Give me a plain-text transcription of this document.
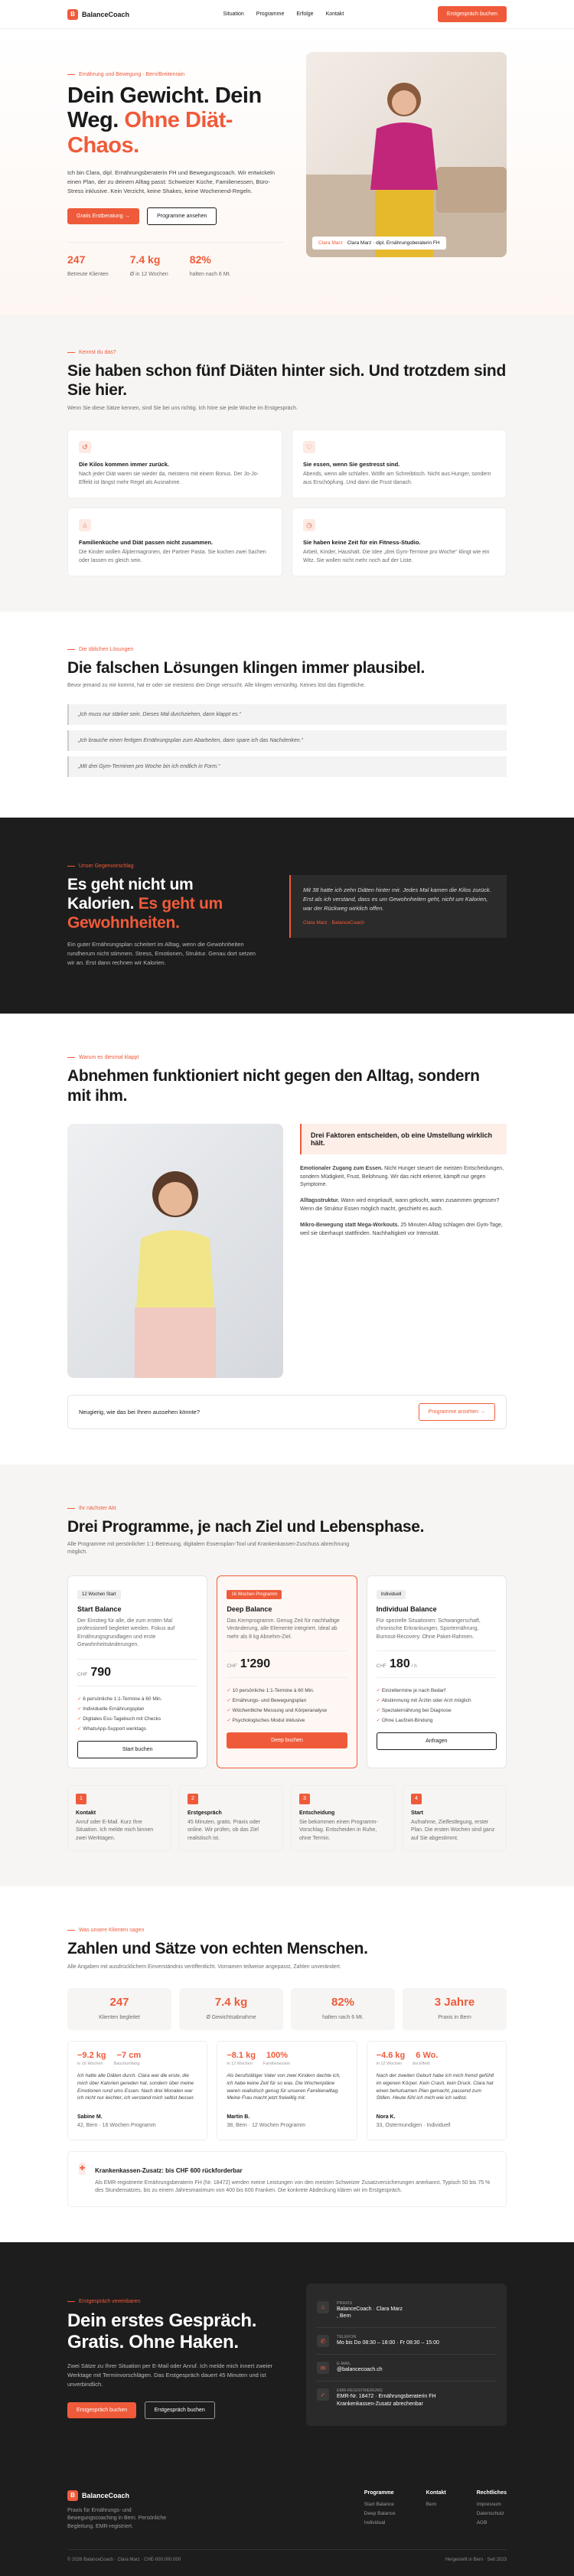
B	BalanceCoach	Situation Programme Erfolge Kontakt	Erstgespräch buchen
Ernährung und Bewegung · Bern/Breitenrain
Dein Gewicht. Dein Weg. Ohne Diät-Chaos.

Ich bin Clara, dipl. Ernährungsberaterin FH und Bewegungscoach. Wir entwickeln einen Plan, der zu deinem Alltag passt: Schweizer Küche, Familienessen, Büro-Stress inklusive. Kein Verzicht, keine Shakes, keine Wochenend-Regeln.

Gratis Erstberatung →	Programme ansehen
247
Betreute Klienten
7.4 kg
Ø in 12 Wochen
82%
halten nach 6 Mt.
Clara Marz · Clara Marz · dipl. Ernährungsberaterin FH
Kennst du das?
Sie haben schon fünf Diäten hinter sich. Und trotzdem sind Sie hier.

Wenn Sie diese Sätze kennen, sind Sie bei uns richtig. Ich höre sie jede Woche im Erstgespräch.

↺
Die Kilos kommen immer zurück.

Nach jeder Diät waren sie wieder da, meistens mit einem Bonus. Der Jo-Jo-Effekt ist längst mehr Regel als Ausnahme.

♡
Sie essen, wenn Sie gestresst sind.

Abends, wenn alle schlafen. Wölfe am Schreibtisch. Nicht aus Hunger, sondern aus Erschöpfung. Und dann die Frust danach.

⌂
Familienküche und Diät passen nicht zusammen.

Die Kinder wollen Älplermagronen, der Partner Pasta. Sie kochen zwei Sachen oder lassen es gleich sein.

◷
Sie haben keine Zeit für ein Fitness-Studio.

Arbeit, Kinder, Haushalt. Die Idee „drei Gym-Termine pro Woche“ klingt wie ein Witz. Sie wollen nicht mehr noch auf der Liste.

Die üblichen Lösungen
Die falschen Lösungen klingen immer plausibel.

Bevor jemand zu mir kommt, hat er oder sie meistens drei Dinge versucht. Alle klingen vernünftig. Keines löst das Eigentliche.

„Ich muss nur stärker sein. Dieses Mal durchziehen, dann klappt es.“
„Ich brauche einen fertigen Ernährungsplan zum Abarbeiten, dann spare ich das Nachdenken.“
„Mit drei Gym-Terminen pro Woche bin ich endlich in Form.“
Unser Gegenvorschlag
Es geht nicht um Kalorien. Es geht um Gewohnheiten.

Ein guter Ernährungsplan scheitert im Alltag, wenn die Gewohnheiten rundherum nicht stimmen. Stress, Emotionen, Struktur. Genau dort setzen wir an. Erst dann rechnen wir Kalorien.

Mit 38 hatte ich zehn Diäten hinter mir. Jedes Mal kamen die Kilos zurück. Erst als ich verstand, dass es um Gewohnheiten geht, nicht um Kalorien, war der Rückweg wirklich offen.
Clara Marz · BalanceCoach
Warum es diesmal klappt
Abnehmen funktioniert nicht gegen den Alltag, sondern mit ihm.
Drei Faktoren entscheiden, ob eine Umstellung wirklich hält.

Emotionaler Zugang zum Essen. Nicht Hunger steuert die meisten Entscheidungen, sondern Müdigkeit, Frust, Belohnung. Wir das nicht erkennt, kämpft nur gegen Symptome.

Alltagsstruktur. Wann wird eingekauft, wann gekocht, wann zusammen gegessen? Wenn die Struktur Essen möglich macht, geschieht es auch.

Mikro-Bewegung statt Mega-Workouts. 25 Minuten Alltag schlagen drei Gym-Tage, weil sie überhaupt stattfinden. Nachhaltigkeit vor Intensität.

Neugierig, wie das bei Ihnen aussehen könnte?	Programme ansehen →
Ihr nächster Akt
Drei Programme, je nach Ziel und Lebensphase.

Alle Programme mit persönlicher 1:1-Betreuung, digitalem Essensplan-Tool und Krankenkassen-Zuschuss abrechnung möglich.

12 Wochen Start
Start Balance

Der Einstieg für alle, die zum ersten Mal professionell begleitet werden. Fokus auf Ernährungsgrundlagen und erste Gewohnheitsänderungen.

CHF 790
✓ 6 persönliche 1:1-Termine à 60 Min.
✓ Individuelle Ernährungsplan
✓ Digitales Ess-Tagebuch mit Checks
✓ WhatsApp-Support werktags
Start buchen
16 Wochen Programm
Deep Balance

Das Kernprogramm. Genug Zeit für nachhaltige Veränderung, alle Elemente integriert. Ideal ab mehr als 8 kg Abnehm-Ziel.

CHF 1'290
✓ 10 persönliche 1:1-Termine à 60 Min.
✓ Ernährungs- und Bewegungsplan
✓ Wöchentliche Messung und Körperanalyse
✓ Psychologisches Modul inklusive
Deep buchen
Individuell
Individual Balance

Für spezielle Situationen: Schwangerschaft, chronische Erkrankungen, Sporternährung, Burnout-Recovery. Ohne Paket-Rahmen.

CHF 180 / h
✓ Einzeltermine je nach Bedarf
✓ Abstimmung mit Ärztin oder Arzt möglich
✓ Spezialernährung bei Diagnose
✓ Ohne Laufzeit-Bindung
Anfragen
1
Kontakt

Anruf oder E-Mail. Kurz Ihre Situation. Ich melde mich binnen zwei Werktagen.

2
Erstgespräch

45 Minuten, gratis. Praxis oder online. Wir prüfen, ob das Ziel realistisch ist.

3
Entscheidung

Sie bekommen einen Programm-Vorschlag. Entscheiden in Ruhe, ohne Termin.

4
Start

Aufnahme, Zielfestlegung, erster Plan. Die ersten Wochen sind ganz auf Sie abgestimmt.

Was unsere Klienten sagen
Zahlen und Sätze von echten Menschen.

Alle Angaben mit ausdrücklichem Einverständnis veröffentlicht. Vornamen teilweise angepasst, Zahlen unverändert.

247
Klienten begleitet
7.4 kg
Ø Gewichtsabnahme
82%
halten nach 6 Mt.
3 Jahre
Praxis in Bern
−9.2 kg −7 cm
in 16 Wochen	Bauchumfang
Ich hatte alle Diäten durch. Clara war die erste, die mich über Kalorien gereden hat, sondern über meine Emotionen rund ums Essen. Nach drei Monaten war ich nicht nur leichter, ich verstand mich selbst besser.
Sabine M.
42, Bern · 16 Wochen Programm
−8.1 kg 100%
in 12 Wochen	Familienessen
Als berufstätiger Vater von zwei Kindern dachte ich, ich habe keine Zeit für so was. Die Wochenpläne waren realistisch genug für unseren Familienalltag. Meine Frau macht jetzt freiwillig mit.
Martin B.
38, Bern · 12 Wochen Programm
−4.6 kg 6 Wo.
in 12 Wochen	bis Effekt
Nach der zweiten Geburt habe ich mich fremd gefühlt im eigenen Körper. Kein Crash, kein Druck. Clara hat einen behutsamen Plan gemacht, passend zum Stillen. Heute fühl ich mich wie ich selbst.
Nora K.
33, Ostermundigen · Individuell
✚ Krankenkassen-Zusatz: bis CHF 600 rückforderbar

Als EMR-registrierte Ernährungsberaterin FH (Nr. 18472) werden meine Leistungen von den meisten Schweizer Zusatzversicherungen anerkannt. Typisch 50 bis 75 % des Stundensatzes, bis zu einem Jahresmaximum von 400 bis 600 Franken. Die konkrete Abdeckung klären wir im Erstgespräch.

Erstgespräch vereinbaren
Dein erstes Gespräch.
Gratis. Ohne Haken.

Zwei Sätze zu Ihrer Situation per E-Mail oder Anruf. Ich melde mich innert zweier Werktage mit Terminvorschlägen. Das Erstgespräch dauert 45 Minuten und ist unverbindlich.

Erstgespräch buchen	Erstgespräch buchen
⌂
PRAXIS
BalanceCoach · Clara Marz
, Bern
✆
TELEFON
Mo bis Do 08:30 – 18:00 · Fr 08:30 – 15:00
✉
E-MAIL
@balancecoach.ch
✓
EMR-REGISTRIERUNG
EMR-Nr. 18472 · Ernährungsberaterin FH
Krankenkassen-Zusatz abrechenbar
B	BalanceCoach

Praxis für Ernährungs- und Bewegungscoaching in Bern. Persönliche Begleitung. EMR-registriert.

Programme
Start Balance
Deep Balance
Individual
Kontakt
Bern
Rechtliches
Impressum
Datenschutz
AGB
© 2026 BalanceCoach · Clara Marz · CHE-000.000.000	Hergestellt in Bern · Seit 2023
